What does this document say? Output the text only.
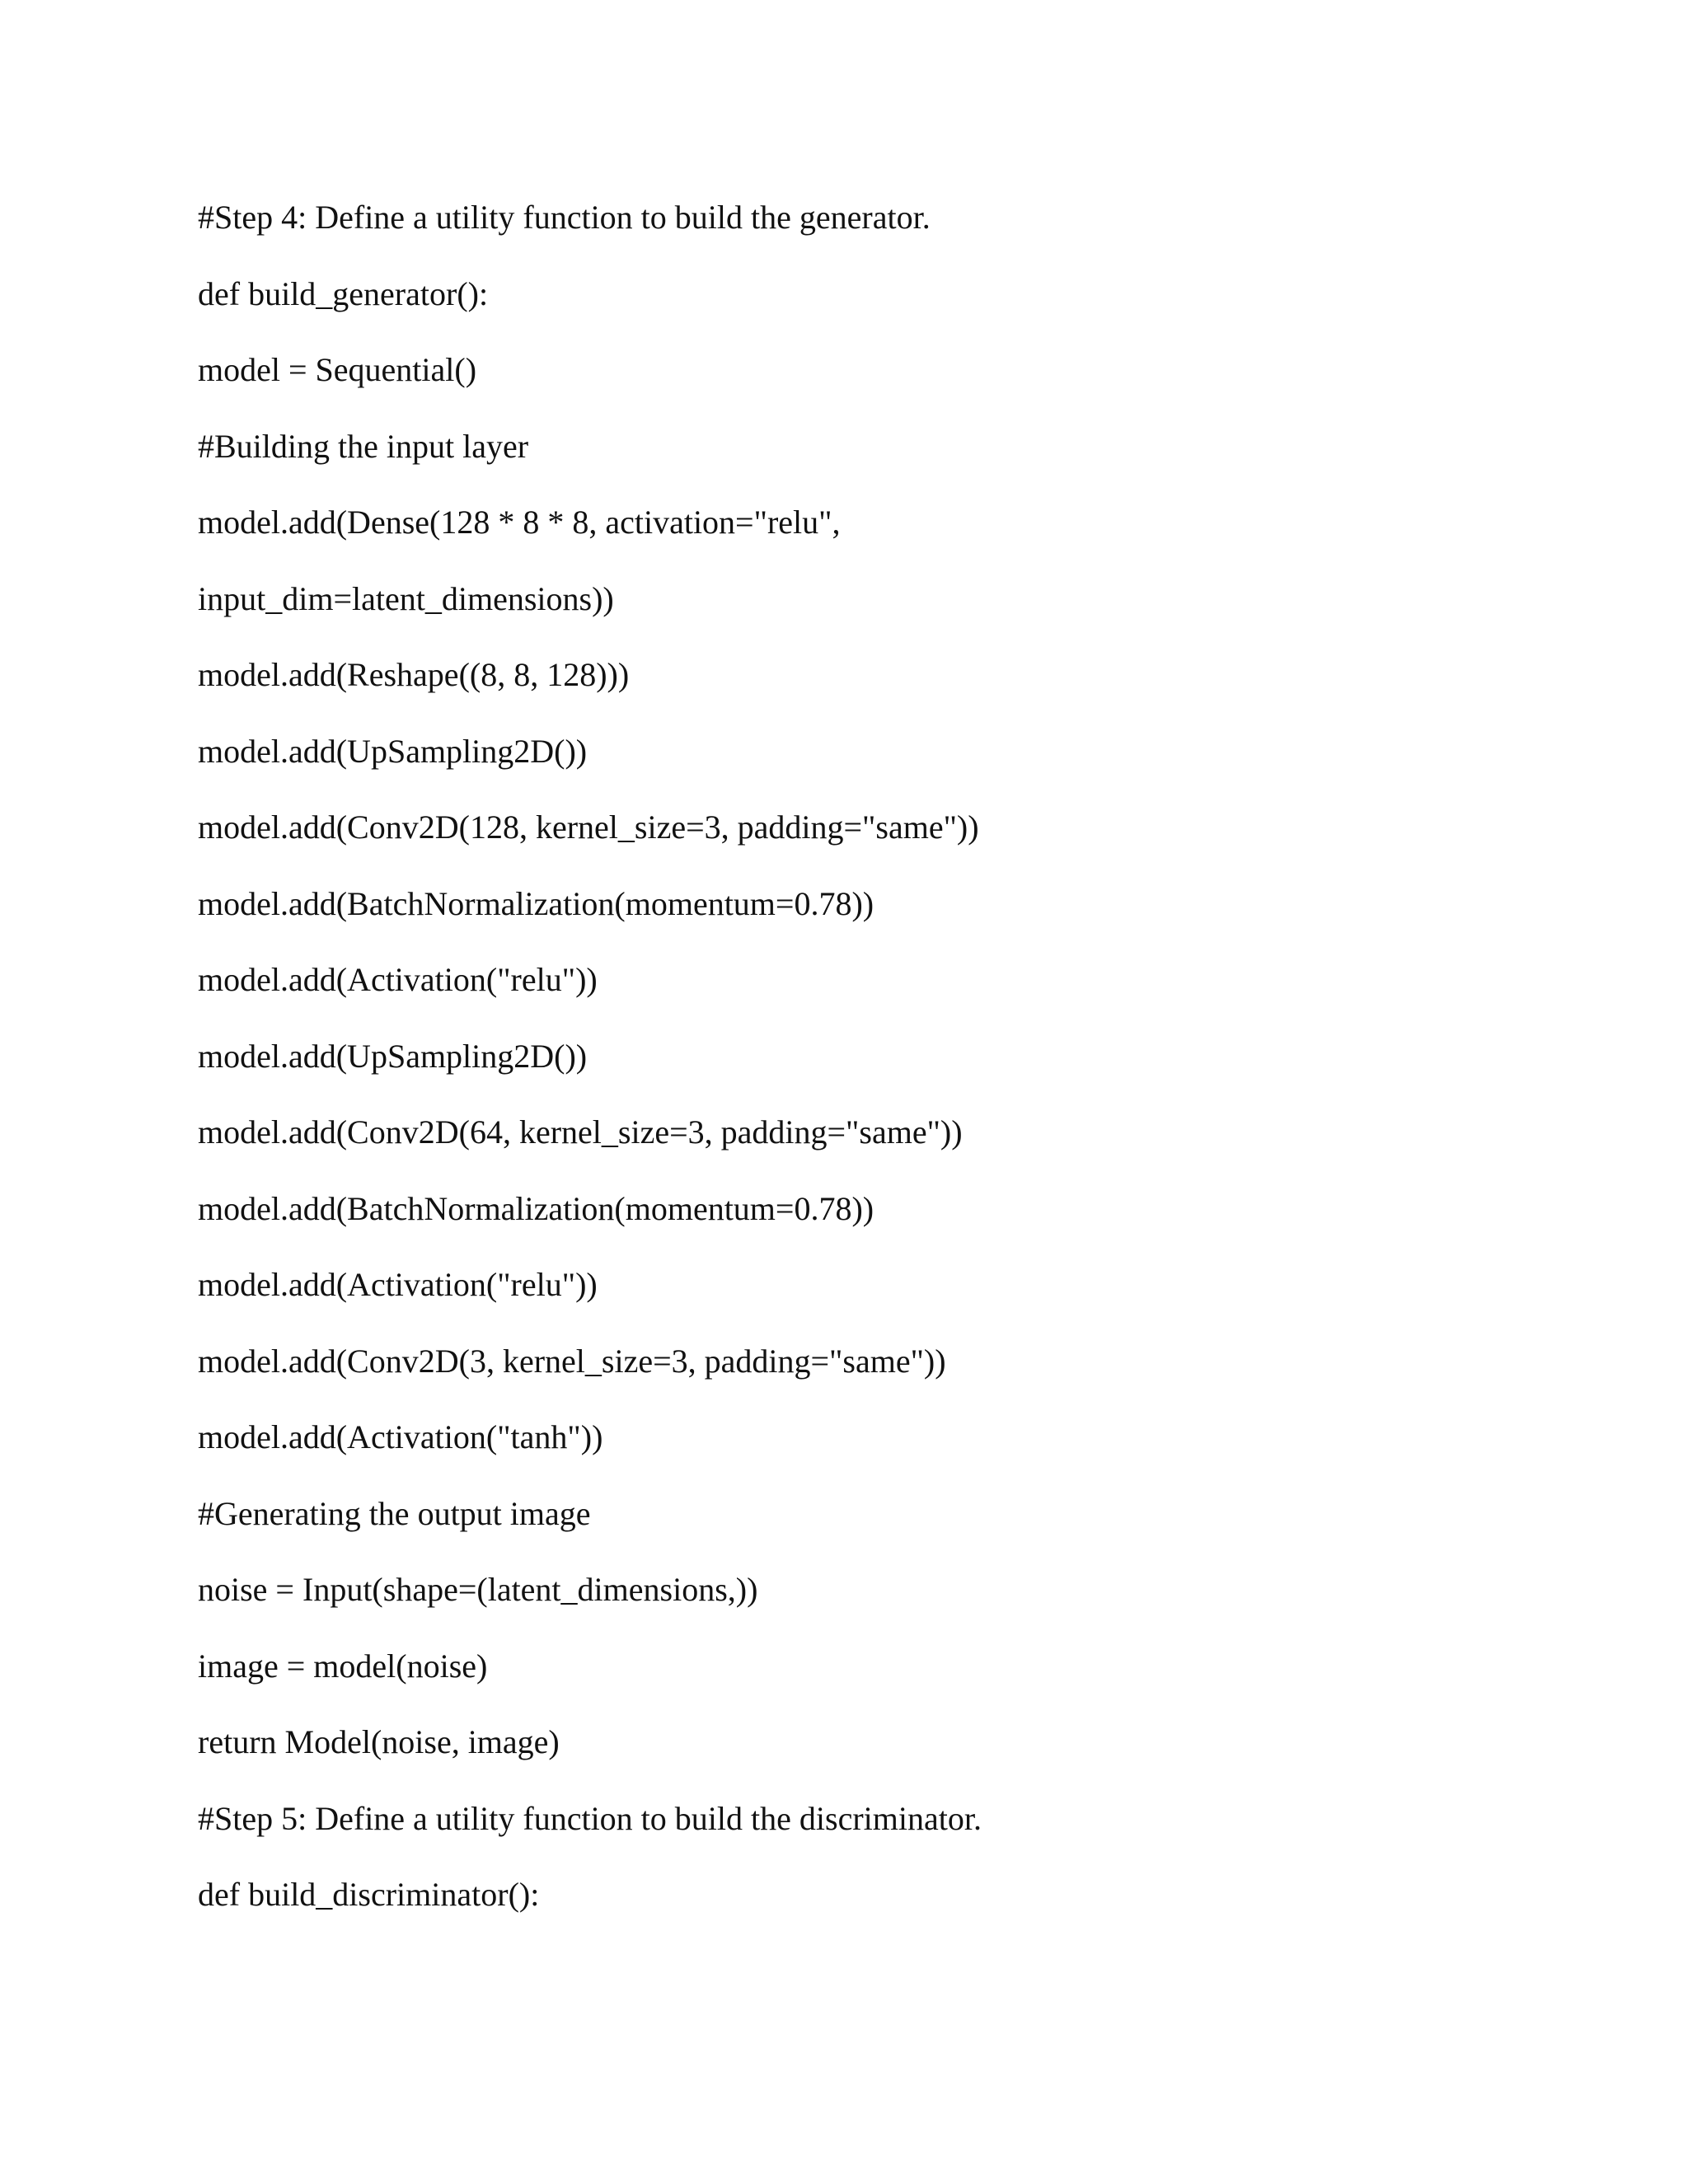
#Step 4: Define a utility function to build the generator.

def build_generator():

model = Sequential()

#Building the input layer

model.add(Dense(128 * 8 * 8, activation="relu",

input_dim=latent_dimensions))

model.add(Reshape((8, 8, 128)))

model.add(UpSampling2D())

model.add(Conv2D(128, kernel_size=3, padding="same"))

model.add(BatchNormalization(momentum=0.78))

model.add(Activation("relu"))

model.add(UpSampling2D())

model.add(Conv2D(64, kernel_size=3, padding="same"))

model.add(BatchNormalization(momentum=0.78))

model.add(Activation("relu"))

model.add(Conv2D(3, kernel_size=3, padding="same"))

model.add(Activation("tanh"))

#Generating the output image

noise = Input(shape=(latent_dimensions,))

image = model(noise)

return Model(noise, image)

#Step 5: Define a utility function to build the discriminator.

def build_discriminator():
